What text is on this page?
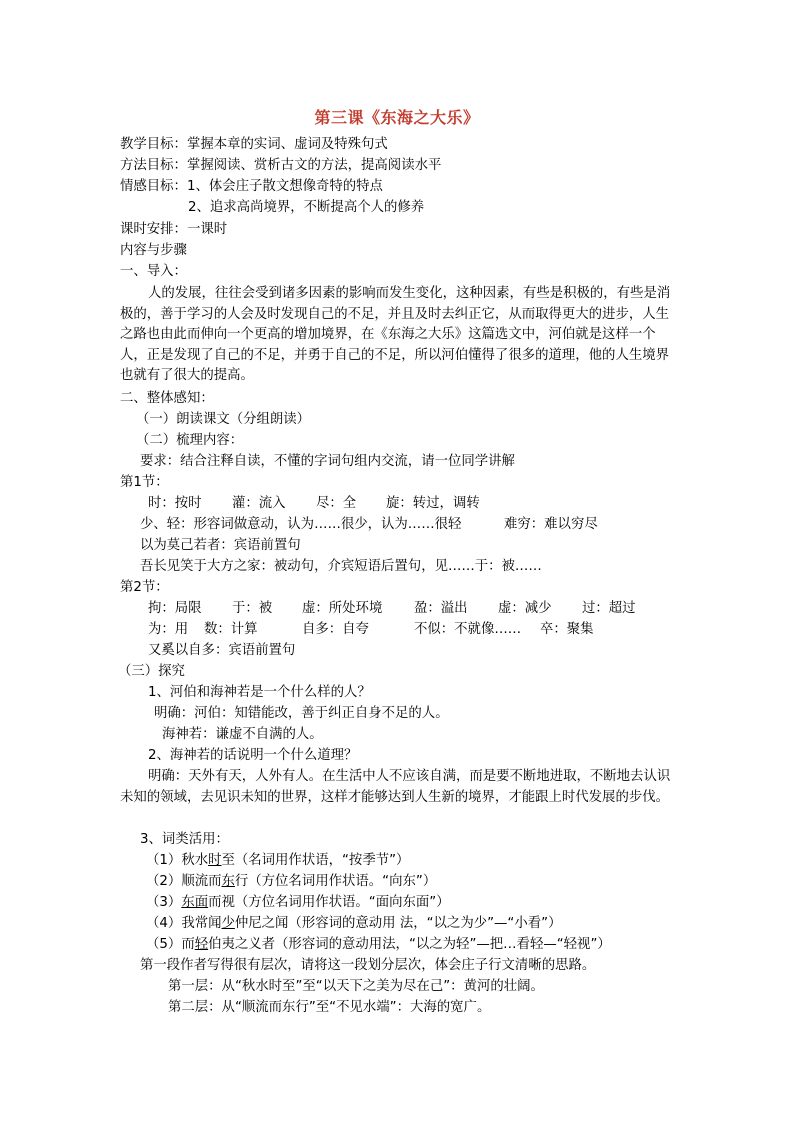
第三课《东海之大乐》
教学目标：掌握本章的实词、虚词及特殊句式
方法目标：掌握阅读、赏析古文的方法，提高阅读水平
情感目标：1、体会庄子散文想像奇特的特点
2、追求高尚境界，不断提高个人的修养
课时安排：一课时
内容与步骤
一、导入：

人的发展，往往会受到诸多因素的影响而发生变化，这种因素，有些是积极的，有些是消极的，善于学习的人会及时发现自己的不足，并且及时去纠正它，从而取得更大的进步，人生之路也由此而伸向一个更高的增加境界，在《东海之大乐》这篇选文中，河伯就是这样一个人，正是发现了自己的不足，并勇于自己的不足，所以河伯懂得了很多的道理，他的人生境界也就有了很大的提高。

二、整体感知：
（一）朗读课文（分组朗读）
（二）梳理内容：
要求：结合注释自读，不懂的字词句组内交流，请一位同学讲解
第1节：
时：按时 灌：流入 尽：全 旋：转过，调转
少、轻：形容词做意动，认为……很少，认为……很轻	难穷：难以穷尽
以为莫己若者：宾语前置句
吾长见笑于大方之家：被动句，介宾短语后置句，见……于：被……
第2节：
拘：局限 于：被 虚：所处环境 盈：溢出 虚：减少 过：超过
为：用 数：计算	自多：自夸	不似：不就像…… 卒：聚集
又奚以自多：宾语前置句
（三）探究
1、河伯和海神若是一个什么样的人？
明确：河伯：知错能改，善于纠正自身不足的人。
海神若：谦虚不自满的人。
2、海神若的话说明一个什么道理？

明确：天外有天，人外有人。在生活中人不应该自满，而是要不断地进取，不断地去认识未知的领域，去见识未知的世界，这样才能够达到人生新的境界，才能跟上时代发展的步伐。

3、词类活用：
（1）秋水时至（名词用作状语，“按季节”）
（2）顺流而东行（方位名词用作状语。“向东”）
（3）东面而视（方位名词用作状语。“面向东面”）
（4）我常闻少仲尼之闻（形容词的意动用 法，“以之为少”—“小看”）
（5）而轻伯夷之义者（形容词的意动用法，“以之为轻”—把…看轻—“轻视”）
第一段作者写得很有层次，请将这一段划分层次，体会庄子行文清晰的思路。
第一层：从“秋水时至”至“以天下之美为尽在己”：黄河的壮阔。
第二层：从“顺流而东行”至“不见水端”：大海的宽广。
